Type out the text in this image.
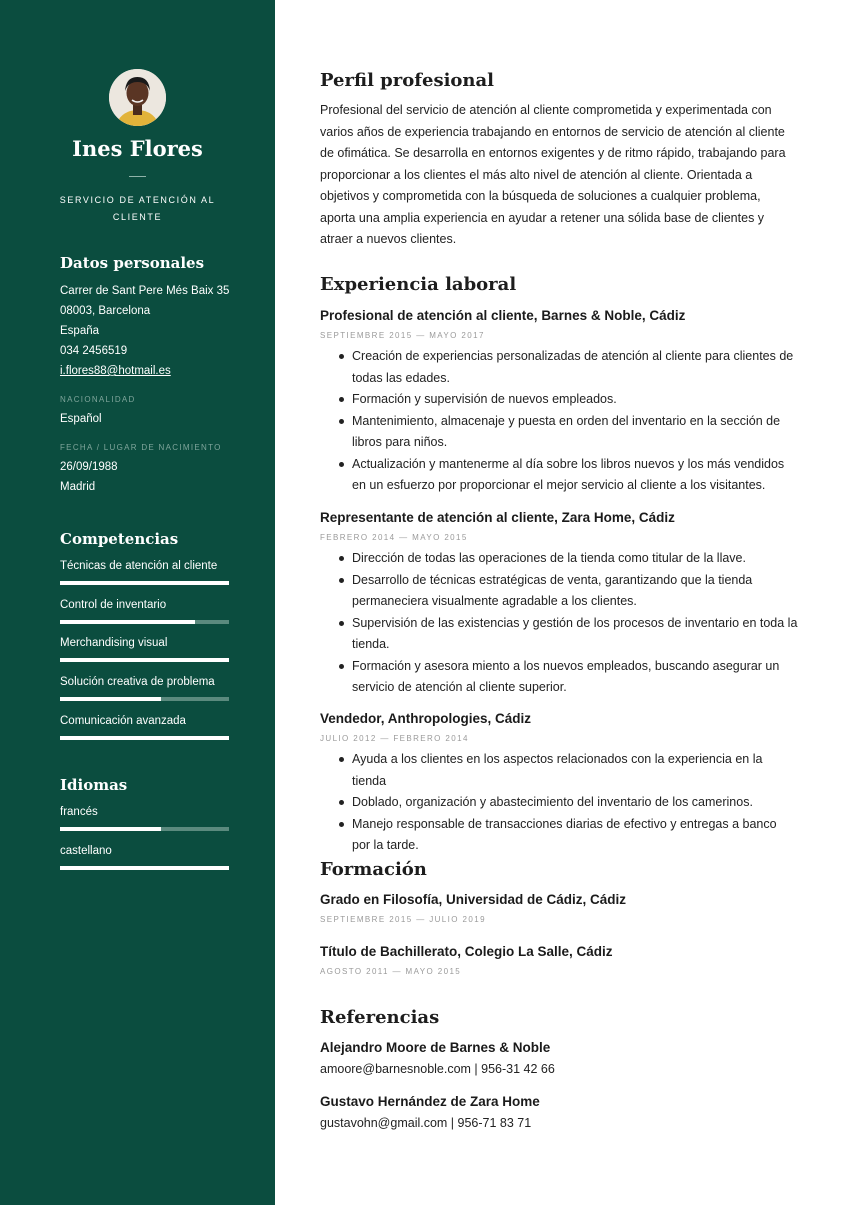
Ines Flores
SERVICIO DE ATENCIÓN AL CLIENTE
Datos personales
Carrer de Sant Pere Més Baix 35
08003, Barcelona
España
034 2456519
i.flores88@hotmail.es
NACIONALIDAD
Español
FECHA / LUGAR DE NACIMIENTO
26/09/1988
Madrid
Competencias
Técnicas de atención al cliente
Control de inventario
Merchandising visual
Solución creativa de problema
Comunicación avanzada
Idiomas
francés
castellano
Perfil profesional
Profesional del servicio de atención al cliente comprometida y experimentada con varios años de experiencia trabajando en entornos de servicio de atención al cliente de ofimática. Se desarrolla en entornos exigentes y de ritmo rápido, trabajando para proporcionar a los clientes el más alto nivel de atención al cliente. Orientada a objetivos y comprometida con la búsqueda de soluciones a cualquier problema, aporta una amplia experiencia en ayudar a retener una sólida base de clientes y atraer a nuevos clientes.
Experiencia laboral
Profesional de atención al cliente, Barnes & Noble, Cádiz
SEPTIEMBRE 2015 — MAYO 2017
Creación de experiencias personalizadas de atención al cliente para clientes de todas las edades.
Formación y supervisión de nuevos empleados.
Mantenimiento, almacenaje y puesta en orden del inventario en la sección de libros para niños.
Actualización y mantenerme al día sobre los libros nuevos y los más vendidos en un esfuerzo por proporcionar el mejor servicio al cliente a los visitantes.
Representante de atención al cliente, Zara Home, Cádiz
FEBRERO 2014 — MAYO 2015
Dirección de todas las operaciones de la tienda como titular de la llave.
Desarrollo de técnicas estratégicas de venta, garantizando que la tienda permaneciera visualmente agradable a los clientes.
Supervisión de las existencias y gestión de los procesos de inventario en toda la tienda.
Formación y asesora miento a los nuevos empleados, buscando asegurar un servicio de atención al cliente superior.
Vendedor, Anthropologies, Cádiz
JULIO 2012 — FEBRERO 2014
Ayuda a los clientes en los aspectos relacionados con la experiencia en la tienda
Doblado, organización y abastecimiento del inventario de los camerinos.
Manejo responsable de transacciones diarias de efectivo y entregas a banco por la tarde.
Formación
Grado en Filosofía, Universidad de Cádiz, Cádiz
SEPTIEMBRE 2015 — JULIO 2019
Título de Bachillerato, Colegio La Salle, Cádiz
AGOSTO 2011 — MAYO 2015
Referencias
Alejandro Moore de Barnes & Noble
amoore@barnesnoble.com | 956-31 42 66
Gustavo Hernández de Zara Home
gustavohn@gmail.com | 956-71 83 71
